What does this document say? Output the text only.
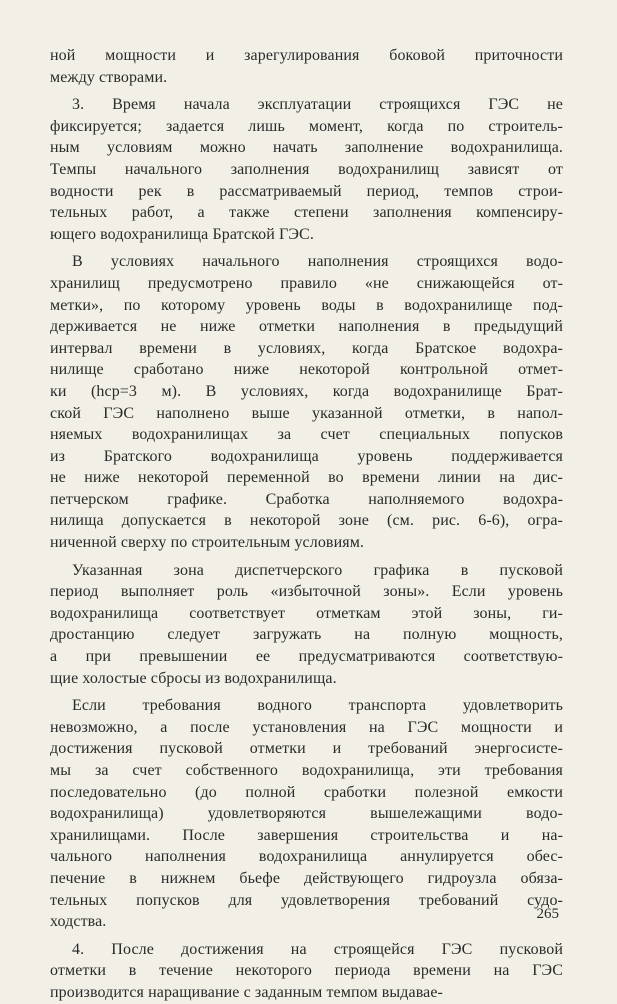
ной мощности и зарегулирования боковой приточности
между створами.
3. Время начала эксплуатации строящихся ГЭС не
фиксируется; задается лишь момент, когда по строитель-
ным условиям можно начать заполнение водохранилища.
Темпы начального заполнения водохранилищ зависят от
водности рек в рассматриваемый период, темпов строи-
тельных работ, а также степени заполнения компенсиру-
ющего водохранилища Братской ГЭС.
В условиях начального наполнения строящихся водо-
хранилищ предусмотрено правило «не снижающейся от-
метки», по которому уровень воды в водохранилище под-
держивается не ниже отметки наполнения в предыдущий
интервал времени в условиях, когда Братское водохра-
нилище сработано ниже некоторой контрольной отмет-
ки (hср=3 м). В условиях, когда водохранилище Брат-
ской ГЭС наполнено выше указанной отметки, в напол-
няемых водохранилищах за счет специальных попусков
из Братского водохранилища уровень поддерживается
не ниже некоторой переменной во времени линии на дис-
петчерском графике. Сработка наполняемого водохра-
нилища допускается в некоторой зоне (см. рис. 6-6), огра-
ниченной сверху по строительным условиям.
Указанная зона диспетчерского графика в пусковой
период выполняет роль «избыточной зоны». Если уровень
водохранилища соответствует отметкам этой зоны, ги-
дростанцию следует загружать на полную мощность,
а при превышении ее предусматриваются соответствую-
щие холостые сбросы из водохранилища.
Если требования водного транспорта удовлетворить
невозможно, а после установления на ГЭС мощности и
достижения пусковой отметки и требований энергосисте-
мы за счет собственного водохранилища, эти требования
последовательно (до полной сработки полезной емкости
водохранилища) удовлетворяются вышележащими водо-
хранилищами. После завершения строительства и на-
чального наполнения водохранилища аннулируется обес-
печение в нижнем бьефе действующего гидроузла обяза-
тельных попусков для удовлетворения требований судо-
ходства.
4. После достижения на строящейся ГЭС пусковой
отметки в течение некоторого периода времени на ГЭС
производится наращивание с заданным темпом выдавае-
265
